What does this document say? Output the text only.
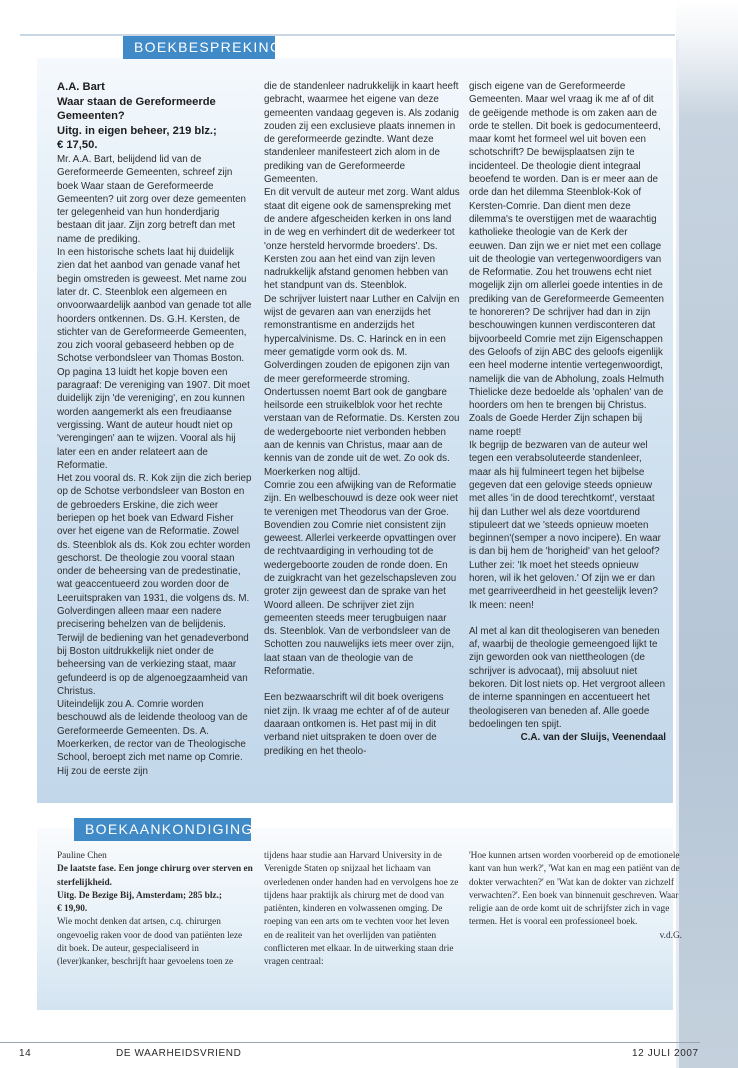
BOEKBESPREKING

A.A. Bart

Waar staan de Gereformeerde Gemeenten?

Uitg. in eigen beheer, 219 blz.;

€ 17,50.

Mr. A.A. Bart, belijdend lid van de Gereformeerde Gemeenten, schreef zijn boek Waar staan de Gereformeerde Gemeenten? uit zorg over deze gemeenten ter gelegenheid van hun honderdjarig bestaan dit jaar. Zijn zorg betreft dan met name de prediking.

In een historische schets laat hij duidelijk zien dat het aanbod van genade vanaf het begin omstreden is geweest. Met name zou later dr. C. Steenblok een algemeen en onvoorwaardelijk aanbod van genade tot alle hoorders ontkennen. Ds. G.H. Kersten, de stichter van de Gereformeerde Gemeenten, zou zich vooral gebaseerd hebben op de Schotse verbondsleer van Thomas Boston.

Op pagina 13 luidt het kopje boven een paragraaf: De vereniging van 1907. Dit moet duidelijk zijn 'de vereniging', en zou kunnen worden aangemerkt als een freudiaanse vergissing. Want de auteur houdt niet op 'verengingen' aan te wijzen. Vooral als hij later een en ander relateert aan de Reformatie.

Het zou vooral ds. R. Kok zijn die zich beriep op de Schotse verbondsleer van Boston en de gebroeders Erskine, die zich weer beriepen op het boek van Edward Fisher over het eigene van de Reformatie. Zowel ds. Steenblok als ds. Kok zou echter worden geschorst. De theologie zou vooral staan onder de beheersing van de predestinatie, wat geaccentueerd zou worden door de Leeruitspraken van 1931, die volgens ds. M. Golverdingen alleen maar een nadere precisering behelzen van de belijdenis. Terwijl de bediening van het genadeverbond bij Boston uitdrukkelijk niet onder de beheersing van de verkiezing staat, maar gefundeerd is op de algenoegzaamheid van Christus.

Uiteindelijk zou A. Comrie worden beschouwd als de leidende theoloog van de Gereformeerde Gemeenten. Ds. A. Moerkerken, de rector van de Theologische School, beroept zich met name op Comrie. Hij zou de eerste zijn

die de standenleer nadrukkelijk in kaart heeft gebracht, waarmee het eigene van deze gemeenten vandaag gegeven is. Als zodanig zouden zij een exclusieve plaats innemen in de gereformeerde gezindte. Want deze standenleer manifesteert zich alom in de prediking van de Gereformeerde Gemeenten.

En dit vervult de auteur met zorg. Want aldus staat dit eigene ook de samenspreking met de andere afgescheiden kerken in ons land in de weg en verhindert dit de wederkeer tot 'onze hersteld hervormde broeders'. Ds. Kersten zou aan het eind van zijn leven nadrukkelijk afstand genomen hebben van het standpunt van ds. Steenblok.

De schrijver luistert naar Luther en Calvijn en wijst de gevaren aan van enerzijds het remonstrantisme en anderzijds het hypercalvinisme. Ds. C. Harinck en in een meer gematigde vorm ook ds. M. Golverdingen zouden de epigonen zijn van de meer gereformeerde stroming. Ondertussen noemt Bart ook de gangbare heilsorde een struikelblok voor het rechte verstaan van de Reformatie. Ds. Kersten zou de wedergeboorte niet verbonden hebben aan de kennis van Christus, maar aan de kennis van de zonde uit de wet. Zo ook ds. Moerkerken nog altijd.

Comrie zou een afwijking van de Reformatie zijn. En welbeschouwd is deze ook weer niet te verenigen met Theodorus van der Groe. Bovendien zou Comrie niet consistent zijn geweest. Allerlei verkeerde opvattingen over de rechtvaardiging in verhouding tot de wedergeboorte zouden de ronde doen. En de zuigkracht van het gezelschapsleven zou groter zijn geweest dan de sprake van het Woord alleen. De schrijver ziet zijn gemeenten steeds meer terugbuigen naar ds. Steenblok. Van de verbondsleer van de Schotten zou nauwelijks iets meer over zijn, laat staan van de theologie van de Reformatie.

Een bezwaarschrift wil dit boek overigens niet zijn. Ik vraag me echter af of de auteur daaraan ontkomen is. Het past mij in dit verband niet uitspraken te doen over de prediking en het theolo-

gisch eigene van de Gereformeerde Gemeenten. Maar wel vraag ik me af of dit de geëigende methode is om zaken aan de orde te stellen. Dit boek is gedocumenteerd, maar komt het formeel wel uit boven een schotschrift? De bewijsplaatsen zijn te incidenteel. De theologie dient integraal beoefend te worden. Dan is er meer aan de orde dan het dilemma Steenblok-Kok of Kersten-Comrie. Dan dient men deze dilemma's te overstijgen met de waarachtig katholieke theologie van de Kerk der eeuwen. Dan zijn we er niet met een collage uit de theologie van vertegenwoordigers van de Reformatie. Zou het trouwens echt niet mogelijk zijn om allerlei goede intenties in de prediking van de Gereformeerde Gemeenten te honoreren? De schrijver had dan in zijn beschouwingen kunnen verdisconteren dat bijvoorbeeld Comrie met zijn Eigenschappen des Geloofs of zijn ABC des geloofs eigenlijk een heel moderne intentie vertegenwoordigt, namelijk die van de Abholung, zoals Helmuth Thielicke deze bedoelde als 'ophalen' van de hoorders om hen te brengen bij Christus. Zoals de Goede Herder Zijn schapen bij name roept!

Ik begrijp de bezwaren van de auteur wel tegen een verabsoluteerde standenleer, maar als hij fulmineert tegen het bijbelse gegeven dat een gelovige steeds opnieuw met alles 'in de dood terechtkomt', verstaat hij dan Luther wel als deze voortdurend stipuleert dat we 'steeds opnieuw moeten beginnen'(semper a novo incipere). En waar is dan bij hem de 'horigheid' van het geloof? Luther zei: 'Ik moet het steeds opnieuw horen, wil ik het geloven.' Of zijn we er dan met gearriveerdheid in het geestelijk leven? Ik meen: neen!

Al met al kan dit theologiseren van beneden af, waarbij de theologie gemeengoed lijkt te zijn geworden ook van niettheologen (de schrijver is advocaat), mij absoluut niet bekoren. Dit lost niets op. Het vergroot alleen de interne spanningen en accentueert het theologiseren van beneden af. Alle goede bedoelingen ten spijt.

C.A. van der Sluijs, Veenendaal

BOEKAANKONDIGING

Pauline Chen

De laatste fase. Een jonge chirurg over sterven en sterfelijkheid.

Uitg. De Bezige Bij, Amsterdam; 285 blz.;

€ 19,90.

Wie mocht denken dat artsen, c.q. chirurgen ongevoelig raken voor de dood van patiënten leze dit boek. De auteur, gespecialiseerd in (lever)kanker, beschrijft haar gevoelens toen ze

tijdens haar studie aan Harvard University in de Verenigde Staten op snijzaal het lichaam van overledenen onder handen had en vervolgens hoe ze tijdens haar praktijk als chirurg met de dood van patiënten, kinderen en volwassenen omging. De roeping van een arts om te vechten voor het leven en de realiteit van het overlijden van patiënten conflicteren met elkaar. In de uitwerking staan drie vragen centraal:

'Hoe kunnen artsen worden voorbereid op de emotionele kant van hun werk?', 'Wat kan en mag een patiënt van de dokter verwachten?' en 'Wat kan de dokter van zichzelf verwachten?'. Een boek van binnenuit geschreven. Waar religie aan de orde komt uit de schrijfster zich in vage termen. Het is vooral een professioneel boek.

v.d.G.

14	DE WAARHEIDSVRIEND	12 JULI 2007
